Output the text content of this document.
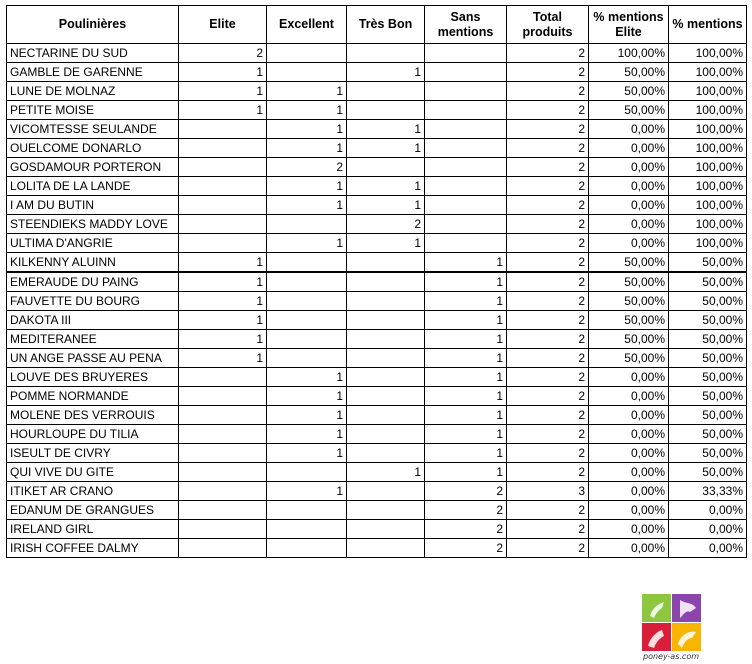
Poulinières	Elite	Excellent	Très Bon	Sans mentions	Total produits	% mentions Elite	% mentions
NECTARINE DU SUD	2				2	100,00%	100,00%
GAMBLE DE GARENNE	1		1		2	50,00%	100,00%
LUNE DE MOLNAZ	1	1			2	50,00%	100,00%
PETITE MOISE	1	1			2	50,00%	100,00%
VICOMTESSE SEULANDE		1	1		2	0,00%	100,00%
OUELCOME DONARLO		1	1		2	0,00%	100,00%
GOSDAMOUR PORTERON		2			2	0,00%	100,00%
LOLITA DE LA LANDE		1	1		2	0,00%	100,00%
I AM DU BUTIN		1	1		2	0,00%	100,00%
STEENDIEKS MADDY LOVE			2		2	0,00%	100,00%
ULTIMA D'ANGRIE		1	1		2	0,00%	100,00%
KILKENNY ALUINN	1			1	2	50,00%	50,00%
EMERAUDE DU PAING	1			1	2	50,00%	50,00%
FAUVETTE DU BOURG	1			1	2	50,00%	50,00%
DAKOTA III	1			1	2	50,00%	50,00%
MEDITERANEE	1			1	2	50,00%	50,00%
UN ANGE PASSE AU PENA	1			1	2	50,00%	50,00%
LOUVE DES BRUYERES		1		1	2	0,00%	50,00%
POMME NORMANDE		1		1	2	0,00%	50,00%
MOLENE DES VERROUIS		1		1	2	0,00%	50,00%
HOURLOUPE DU TILIA		1		1	2	0,00%	50,00%
ISEULT DE CIVRY		1		1	2	0,00%	50,00%
QUI VIVE DU GITE			1	1	2	0,00%	50,00%
ITIKET AR CRANO		1		2	3	0,00%	33,33%
EDANUM DE GRANGUES				2	2	0,00%	0,00%
IRELAND GIRL				2	2	0,00%	0,00%
IRISH COFFEE DALMY				2	2	0,00%	0,00%
poney-as.com
